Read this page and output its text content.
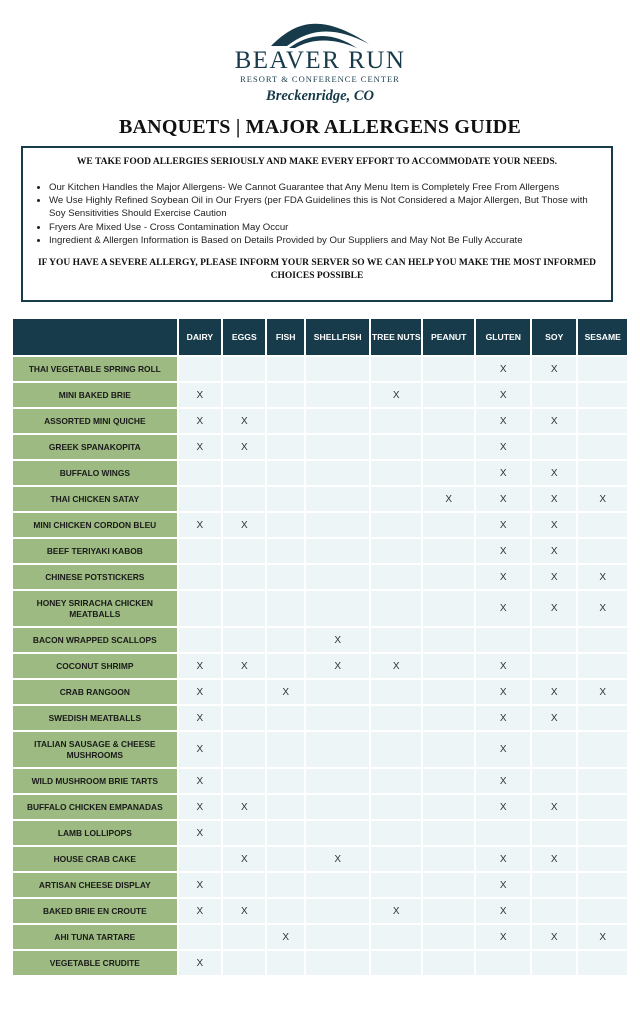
BEAVER RUN
RESORT & CONFERENCE CENTER
Breckenridge, CO
BANQUETS | MAJOR ALLERGENS GUIDE
WE TAKE FOOD ALLERGIES SERIOUSLY AND MAKE EVERY EFFORT TO ACCOMMODATE YOUR NEEDS.
• Our Kitchen Handles the Major Allergens- We Cannot Guarantee that Any Menu Item is Completely Free From Allergens
• We Use Highly Refined Soybean Oil in Our Fryers (per FDA Guidelines this is Not Considered a Major Allergen, But Those with Soy Sensitivities Should Exercise Caution
• Fryers Are Mixed Use - Cross Contamination May Occur
• Ingredient & Allergen Information is Based on Details Provided by Our Suppliers and May Not Be Fully Accurate
IF YOU HAVE A SEVERE ALLERGY, PLEASE INFORM YOUR SERVER SO WE CAN HELP YOU MAKE THE MOST INFORMED CHOICES POSSIBLE
	DAIRY	EGGS	FISH	SHELLFISH	TREE NUTS	PEANUT	GLUTEN	SOY	SESAME
THAI VEGETABLE SPRING ROLL							X	X	
MINI BAKED BRIE	X				X		X		
ASSORTED MINI QUICHE	X	X					X	X	
GREEK SPANAKOPITA	X	X					X		
BUFFALO WINGS							X	X	
THAI CHICKEN SATAY						X	X	X	X
MINI CHICKEN CORDON BLEU	X	X					X	X	
BEEF TERIYAKI KABOB							X	X	
CHINESE POTSTICKERS							X	X	X
HONEY SRIRACHA CHICKEN MEATBALLS							X	X	X
BACON WRAPPED SCALLOPS				X					
COCONUT SHRIMP	X	X		X	X		X		
CRAB RANGOON	X		X				X	X	X
SWEDISH MEATBALLS	X						X	X	
ITALIAN SAUSAGE & CHEESE MUSHROOMS	X						X		
WILD MUSHROOM BRIE TARTS	X						X		
BUFFALO CHICKEN EMPANADAS	X	X					X	X	
LAMB LOLLIPOPS	X								
HOUSE CRAB CAKE		X		X			X	X	
ARTISAN CHEESE DISPLAY	X						X		
BAKED BRIE EN CROUTE	X	X			X		X		
AHI TUNA TARTARE			X				X	X	X
VEGETABLE CRUDITE	X								
